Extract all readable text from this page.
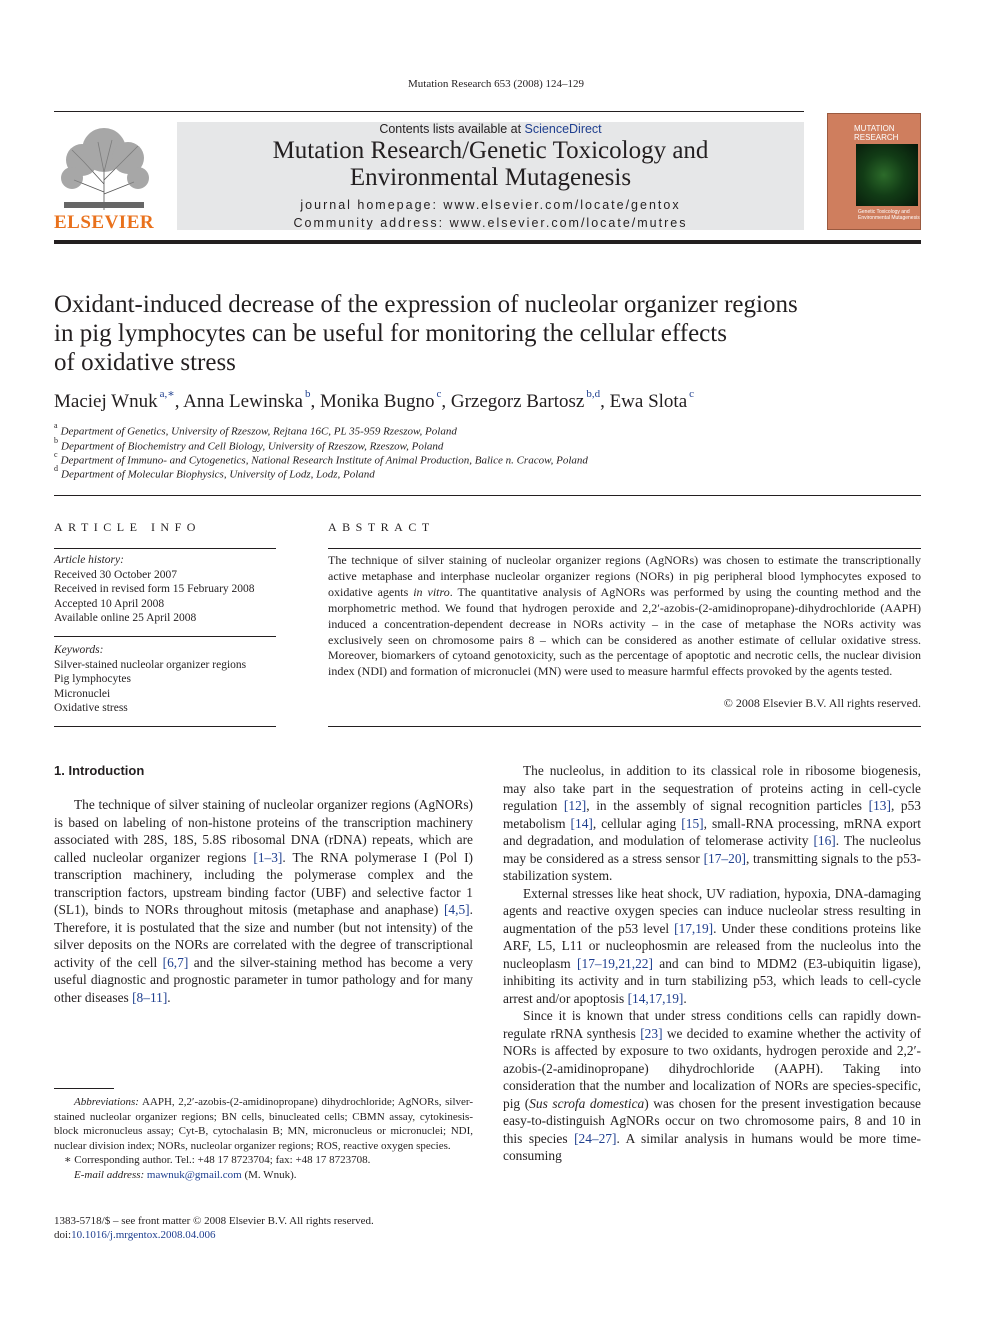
Mutation Research 653 (2008) 124–129
ELSEVIER
Contents lists available at ScienceDirect
Mutation Research/Genetic Toxicology and
Environmental Mutagenesis
journal homepage: www.elsevier.com/locate/gentox
Community address: www.elsevier.com/locate/mutres
MUTATION RESEARCH
Genetic Toxicology and Environmental Mutagenesis
Oxidant-induced decrease of the expression of nucleolar organizer regions
in pig lymphocytes can be useful for monitoring the cellular effects
of oxidative stress
Maciej Wnuk $^{a,∗}$, Anna Lewinska $^b$, Monika Bugno $^c$, Grzegorz Bartosz $^{b,d}$, Ewa Slota $^c$
$^a$Department of Genetics, University of Rzeszow, Rejtana 16C, PL 35-959 Rzeszow, Poland
$^b$Department of Biochemistry and Cell Biology, University of Rzeszow, Rzeszow, Poland
$^c$Department of Immuno- and Cytogenetics, National Research Institute of Animal Production, Balice n. Cracow, Poland
$^d$Department of Molecular Biophysics, University of Lodz, Lodz, Poland
ARTICLE INFO
Article history:
Received 30 October 2007
Received in revised form 15 February 2008
Accepted 10 April 2008
Available online 25 April 2008
Keywords:
Silver-stained nucleolar organizer regions
Pig lymphocytes
Micronuclei
Oxidative stress
ABSTRACT
The technique of silver staining of nucleolar organizer regions (AgNORs) was chosen to estimate the transcriptionally active metaphase and interphase nucleolar organizer regions (NORs) in pig peripheral blood lymphocytes exposed to oxidative agents in vitro. The quantitative analysis of AgNORs was performed by using the counting method and the morphometric method. We found that hydrogen peroxide and 2,2′-azobis-(2-amidinopropane)-dihydrochloride (AAPH) induced a concentration-dependent decrease in NORs activity – in the case of metaphase the NORs activity was exclusively seen on chromosome pairs 8 – which can be considered as another estimate of cellular oxidative stress. Moreover, biomarkers of cytoand genotoxicity, such as the percentage of apoptotic and necrotic cells, the nuclear division index (NDI) and formation of micronuclei (MN) were used to measure harmful effects provoked by the agents tested.
© 2008 Elsevier B.V. All rights reserved.
1. Introduction

The technique of silver staining of nucleolar organizer regions (AgNORs) is based on labeling of non-histone proteins of the transcription machinery associated with 28S, 18S, 5.8S ribosomal DNA (rDNA) repeats, which are called nucleolar organizer regions [1–3]. The RNA polymerase I (Pol I) transcription machinery, including the polymerase complex and the transcription factors, upstream binding factor (UBF) and selective factor 1 (SL1), binds to NORs throughout mitosis (metaphase and anaphase) [4,5]. Therefore, it is postulated that the size and number (but not intensity) of the silver deposits on the NORs are correlated with the degree of transcriptional activity of the cell [6,7] and the silver-staining method has become a very useful diagnostic and prognostic parameter in tumor pathology and for many other diseases [8–11].

The nucleolus, in addition to its classical role in ribosome biogenesis, may also take part in the sequestration of proteins acting in cell-cycle regulation [12], in the assembly of signal recognition particles [13], p53 metabolism [14], cellular aging [15], small-RNA processing, mRNA export and degradation, and modulation of telomerase activity [16]. The nucleolus may be considered as a stress sensor [17–20], transmitting signals to the p53-stabilization system.

External stresses like heat shock, UV radiation, hypoxia, DNA-damaging agents and reactive oxygen species can induce nucleolar stress resulting in augmentation of the p53 level [17,19]. Under these conditions proteins like ARF, L5, L11 or nucleophosmin are released from the nucleolus into the nucleoplasm [17–19,21,22] and can bind to MDM2 (E3-ubiquitin ligase), inhibiting its activity and in turn stabilizing p53, which leads to cell-cycle arrest and/or apoptosis [14,17,19].

Since it is known that under stress conditions cells can rapidly down-regulate rRNA synthesis [23] we decided to examine whether the activity of NORs is affected by exposure to two oxidants, hydrogen peroxide and 2,2′-azobis-(2-amidinopropane) dihydrochloride (AAPH). Taking into consideration that the number and localization of NORs are species-specific, pig (Sus scrofa domestica) was chosen for the present investigation because easy-to-distinguish AgNORs occur on two chromosome pairs, 8 and 10 in this species [24–27]. A similar analysis in humans would be more time-consuming

Abbreviations: AAPH, 2,2′-azobis-(2-amidinopropane) dihydrochloride; AgNORs, silver-stained nucleolar organizer regions; BN cells, binucleated cells; CBMN assay, cytokinesis-block micronucleus assay; Cyt-B, cytochalasin B; MN, micronucleus or micronuclei; NDI, nuclear division index; NORs, nucleolar organizer regions; ROS, reactive oxygen species.

∗ Corresponding author. Tel.: +48 17 8723704; fax: +48 17 8723708.

E-mail address: mawnuk@gmail.com (M. Wnuk).

1383-5718/$ – see front matter © 2008 Elsevier B.V. All rights reserved.
doi:10.1016/j.mrgentox.2008.04.006
